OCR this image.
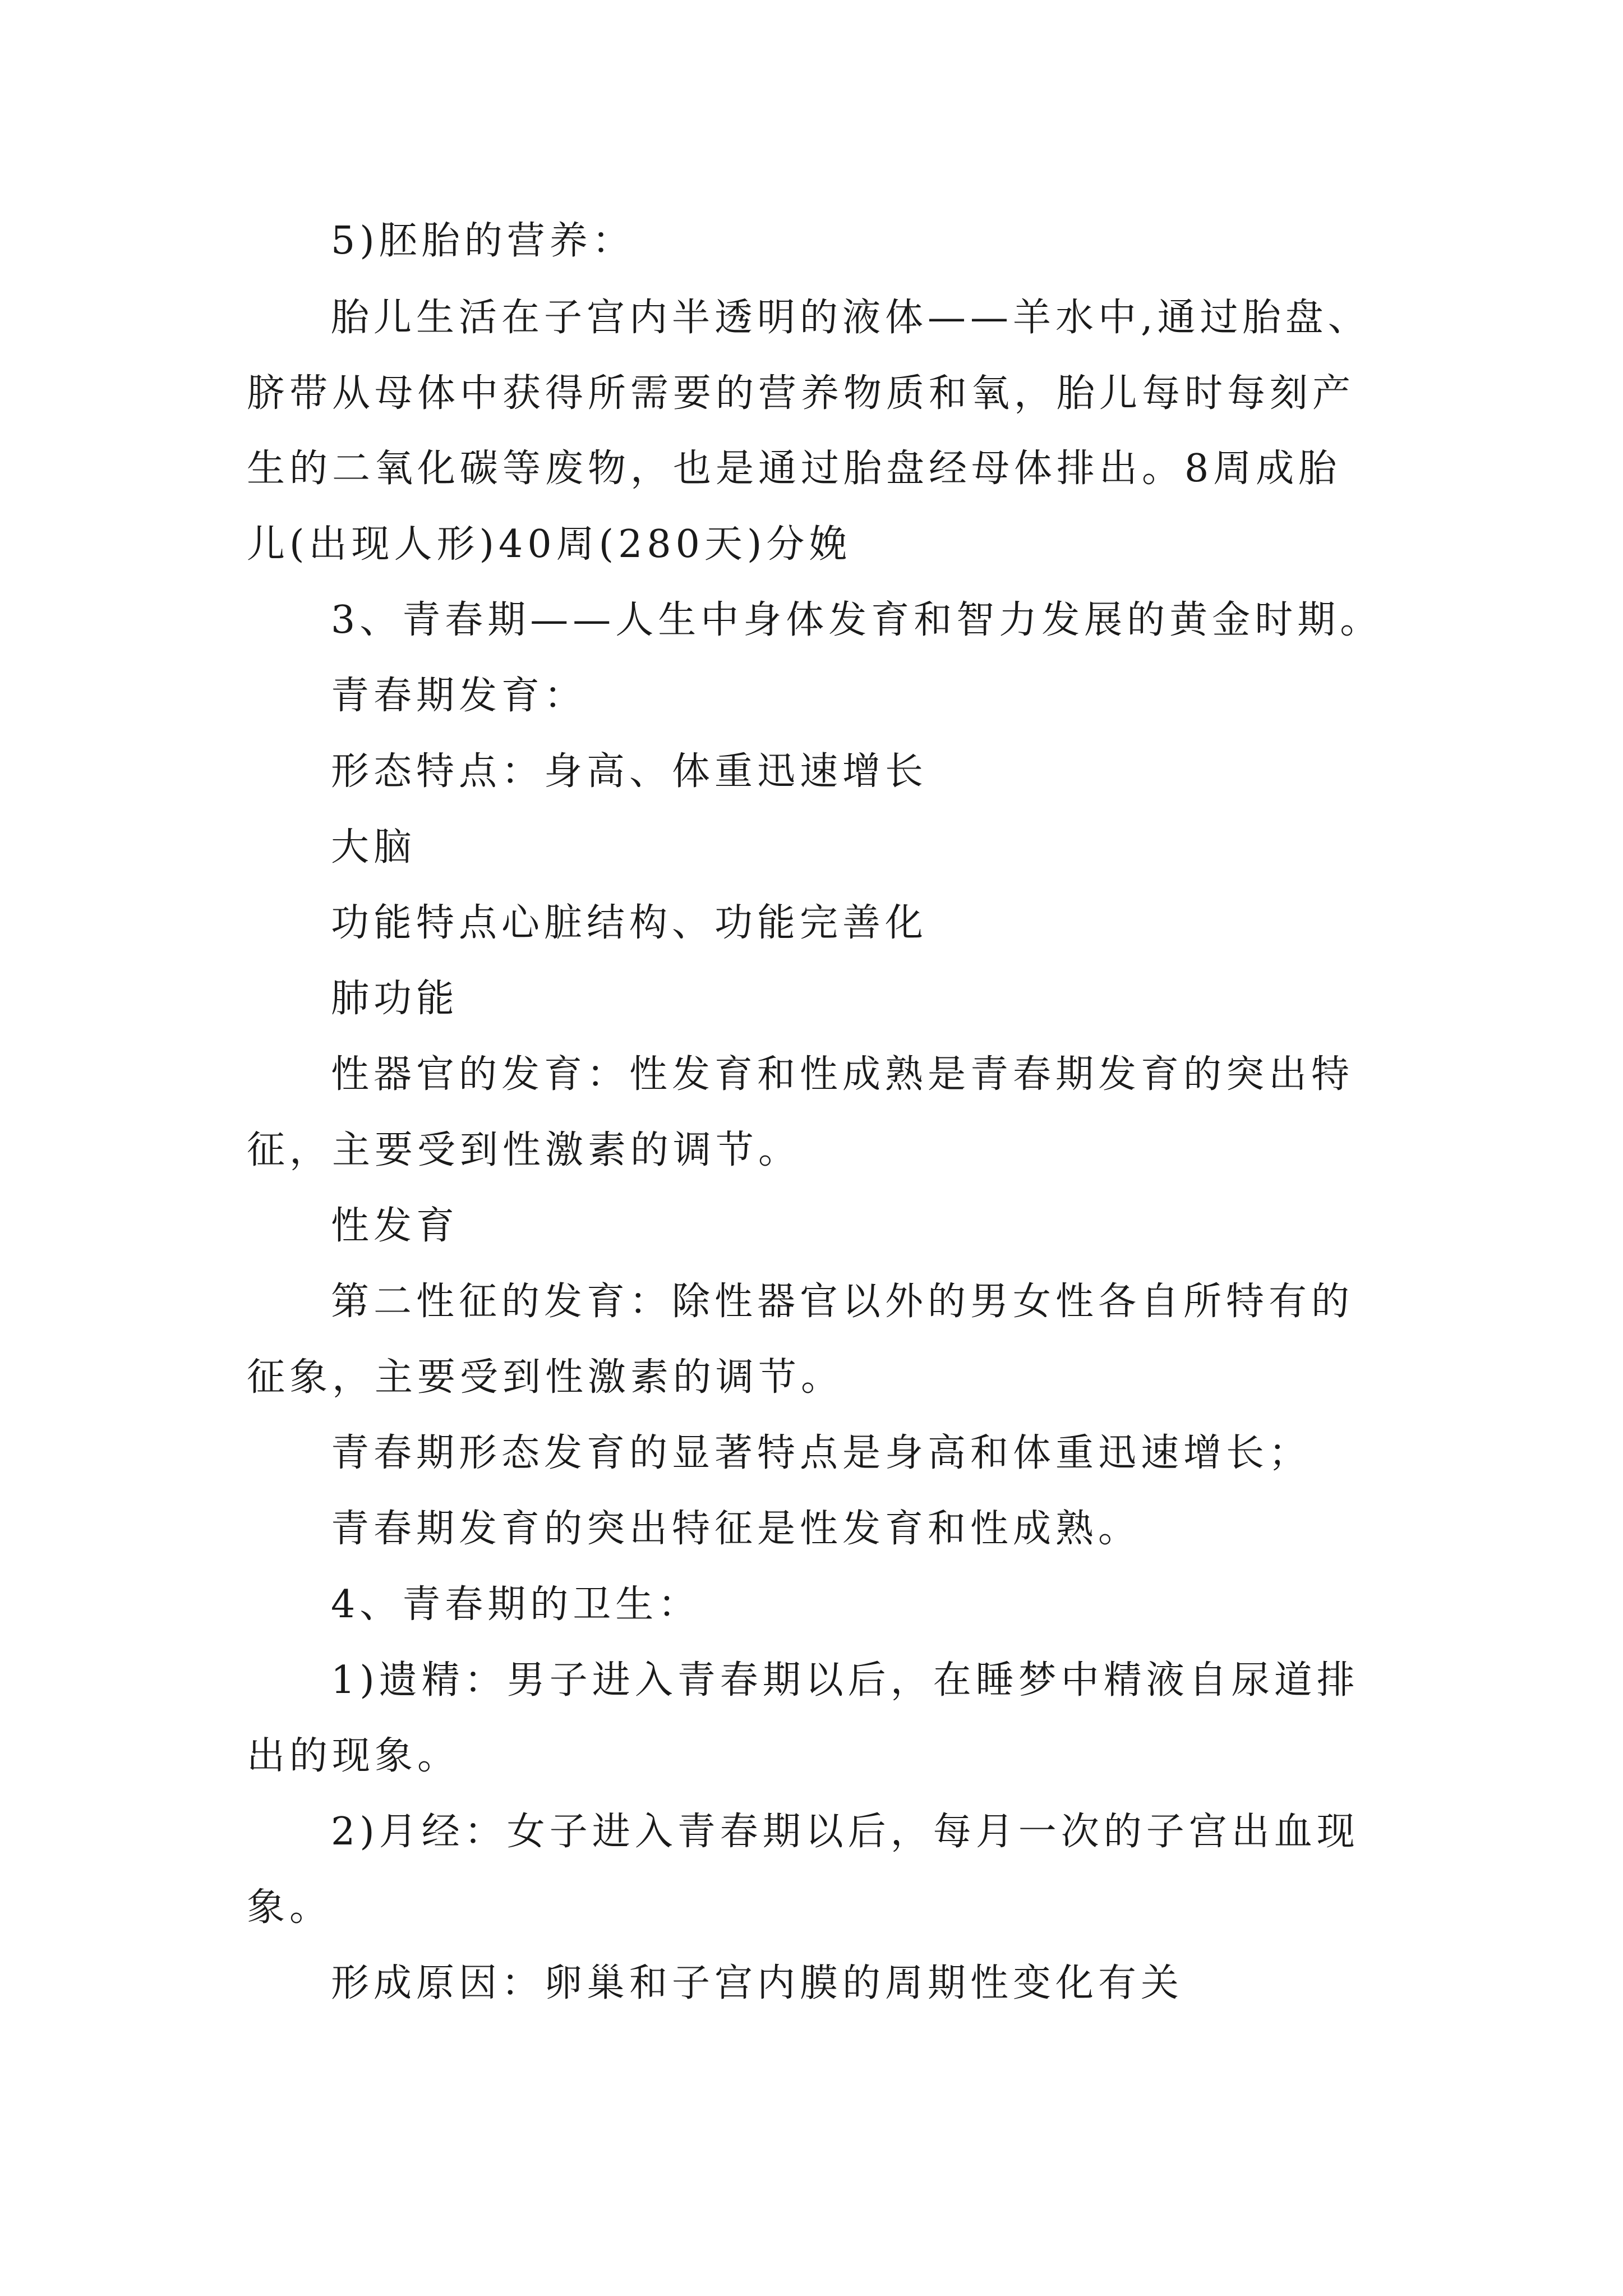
5)胚胎的营养：
胎儿生活在子宫内半透明的液体——羊水中,通过胎盘、
脐带从母体中获得所需要的营养物质和氧，胎儿每时每刻产
生的二氧化碳等废物，也是通过胎盘经母体排出。8周成胎
儿(出现人形)40周(280天)分娩
3、青春期——人生中身体发育和智力发展的黄金时期。
青春期发育：
形态特点：身高、体重迅速增长
大脑
功能特点心脏结构、功能完善化
肺功能
性器官的发育：性发育和性成熟是青春期发育的突出特
征，主要受到性激素的调节。
性发育
第二性征的发育：除性器官以外的男女性各自所特有的
征象，主要受到性激素的调节。
青春期形态发育的显著特点是身高和体重迅速增长；
青春期发育的突出特征是性发育和性成熟。
4、青春期的卫生：
1)遗精：男子进入青春期以后，在睡梦中精液自尿道排
出的现象。
2)月经：女子进入青春期以后，每月一次的子宫出血现
象。
形成原因：卵巢和子宫内膜的周期性变化有关
